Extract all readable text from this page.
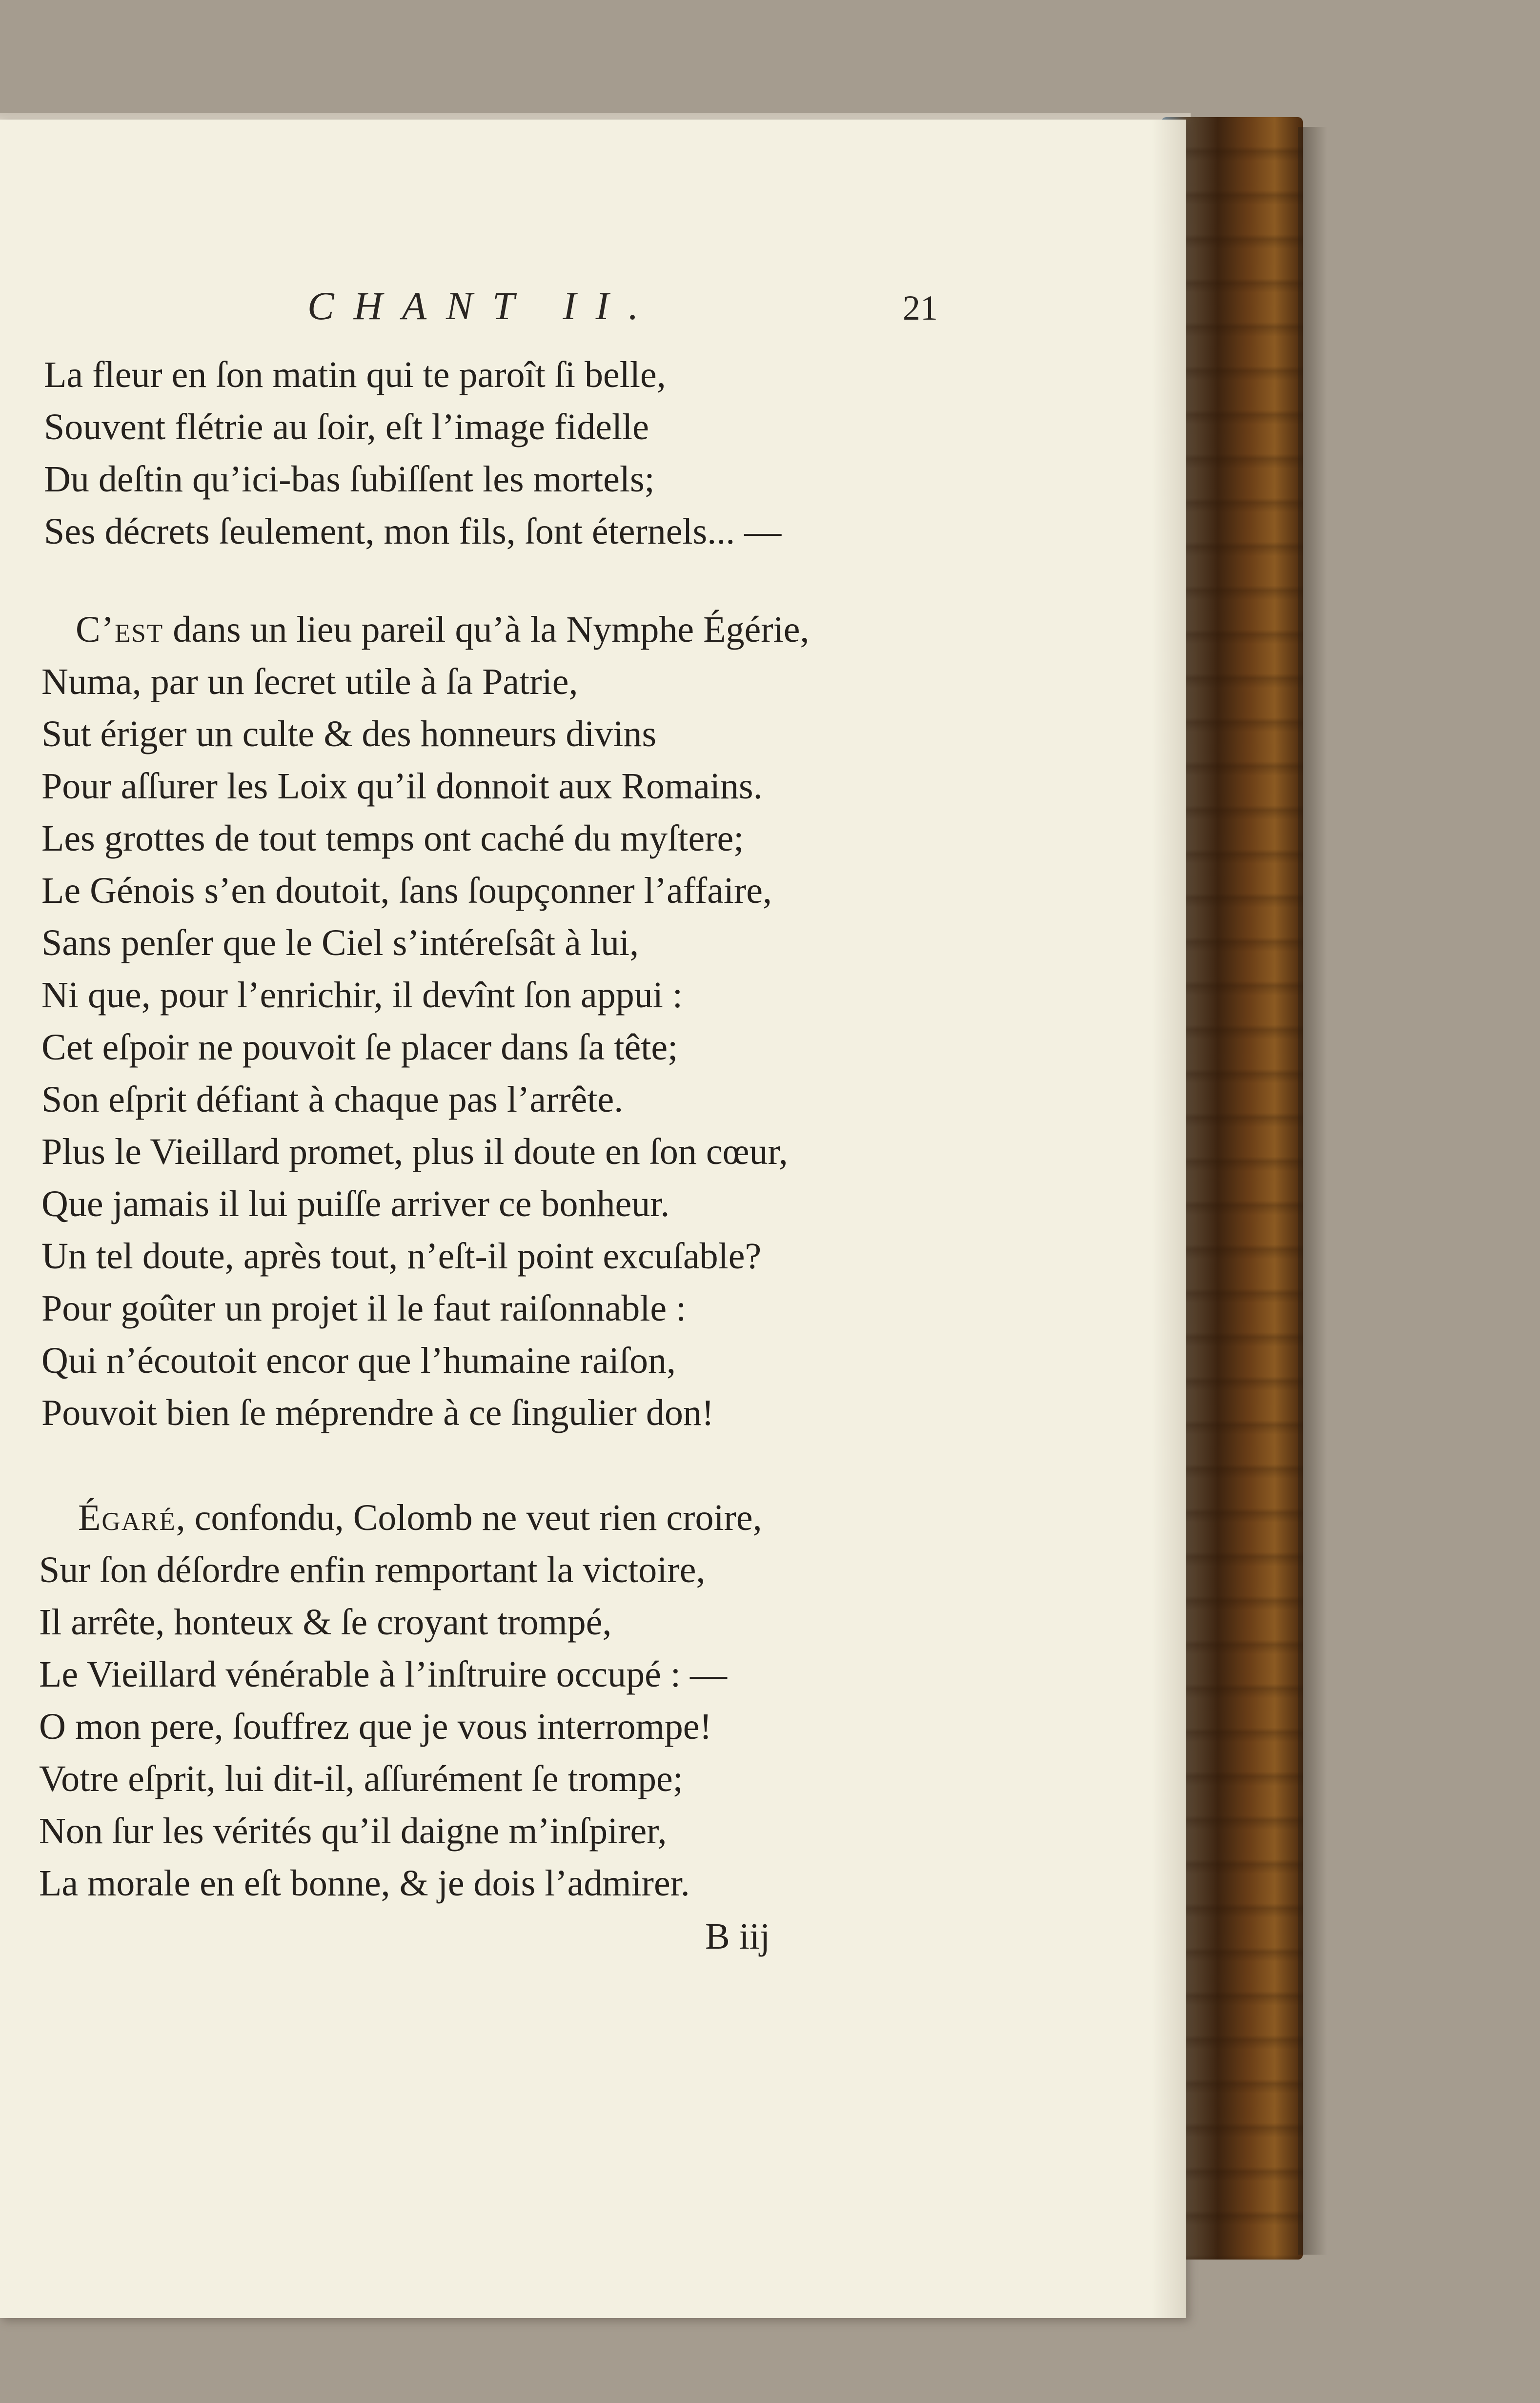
CHANT II.	21
La fleur en ſon matin qui te paroît ſi belle,
Souvent flétrie au ſoir, eſt l’image fidelle
Du deſtin qu’ici-bas ſubiſſent les mortels;
Ses décrets ſeulement, mon fils, ſont éternels... —
C’est dans un lieu pareil qu’à la Nymphe Égérie,
Numa, par un ſecret utile à ſa Patrie,
Sut ériger un culte & des honneurs divins
Pour aſſurer les Loix qu’il donnoit aux Romains.
Les grottes de tout temps ont caché du myſtere;
Le Génois s’en doutoit, ſans ſoupçonner l’affaire,
Sans penſer que le Ciel s’intéreſsât à lui,
Ni que, pour l’enrichir, il devînt ſon appui :
Cet eſpoir ne pouvoit ſe placer dans ſa tête;
Son eſprit défiant à chaque pas l’arrête.
Plus le Vieillard promet, plus il doute en ſon cœur,
Que jamais il lui puiſſe arriver ce bonheur.
Un tel doute, après tout, n’eſt-il point excuſable?
Pour goûter un projet il le faut raiſonnable :
Qui n’écoutoit encor que l’humaine raiſon,
Pouvoit bien ſe méprendre à ce ſingulier don!
Égaré, confondu, Colomb ne veut rien croire,
Sur ſon déſordre enfin remportant la victoire,
Il arrête, honteux & ſe croyant trompé,
Le Vieillard vénérable à l’inſtruire occupé : —
O mon pere, ſouffrez que je vous interrompe!
Votre eſprit, lui dit-il, aſſurément ſe trompe;
Non ſur les vérités qu’il daigne m’inſpirer,
La morale en eſt bonne, & je dois l’admirer.
B iij
